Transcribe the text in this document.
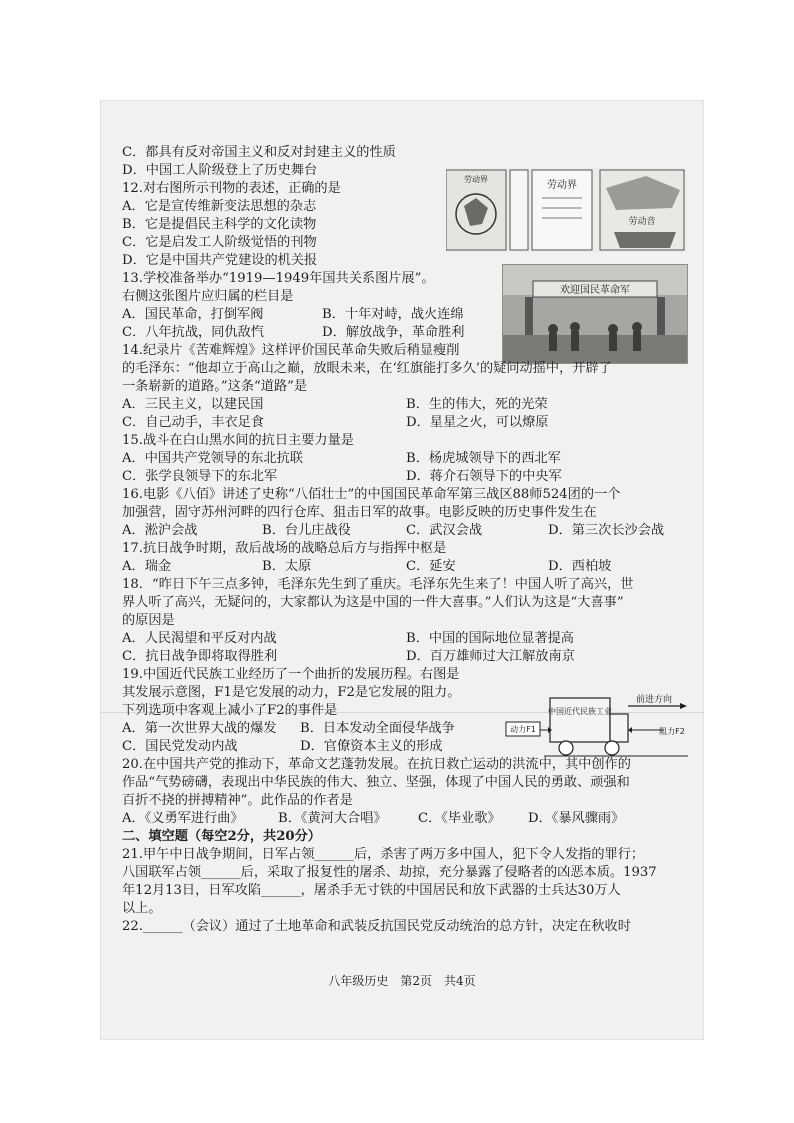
C．都具有反对帝国主义和反对封建主义的性质
D．中国工人阶级登上了历史舞台
12.对右图所示刊物的表述，正确的是
A．它是宣传维新变法思想的杂志
B．它是提倡民主科学的文化读物
C．它是启发工人阶级觉悟的刊物
D．它是中国共产党建设的机关报
劳动界
劳动界
劳动音
13.学校准备举办“1919—1949年国共关系图片展”。
右侧这张图片应归属的栏目是
A．国民革命，打倒军阀	B．十年对峙，战火连绵
C．八年抗战，同仇敌忾	D．解放战争，革命胜利
欢迎国民革命军
14.纪录片《苦难辉煌》这样评价国民革命失败后稍显瘦削
的毛泽东：“他却立于高山之巅，放眼未来，在‘红旗能打多久’的疑问动摇中，开辟了
一条崭新的道路。”这条“道路”是
A．三民主义，以建民国	B．生的伟大，死的光荣
C．自己动手，丰衣足食	D．星星之火，可以燎原
15.战斗在白山黑水间的抗日主要力量是
A．中国共产党领导的东北抗联	B．杨虎城领导下的西北军
C．张学良领导下的东北军	D．蒋介石领导下的中央军
16.电影《八佰》讲述了史称“八佰壮士”的中国国民革命军第三战区88师524团的一个
加强营，固守苏州河畔的四行仓库、狙击日军的故事。电影反映的历史事件发生在
A．淞沪会战	B．台儿庄战役	C．武汉会战	D．第三次长沙会战
17.抗日战争时期，敌后战场的战略总后方与指挥中枢是
A．瑞金	B．太原	C．延安	D．西柏坡
18．“昨日下午三点多钟，毛泽东先生到了重庆。毛泽东先生来了！中国人听了高兴，世
界人听了高兴，无疑问的，大家都认为这是中国的一件大喜事。”人们认为这是“大喜事”
的原因是
A．人民渴望和平反对内战	B．中国的国际地位显著提高
C．抗日战争即将取得胜利	D．百万雄师过大江解放南京
19.中国近代民族工业经历了一个曲折的发展历程。右图是
其发展示意图，F1是它发展的动力，F2是它发展的阻力。
下列选项中客观上减小了F2的事件是
A．第一次世界大战的爆发 B．日本发动全面侵华战争
C．国民党发动内战	D．官僚资本主义的形成
前进方向
中国近代民族工业
动力F1	阻力F2
20.在中国共产党的推动下，革命文艺蓬勃发展。在抗日救亡运动的洪流中，其中创作的
作品“气势磅礴，表现出中华民族的伟大、独立、坚强，体现了中国人民的勇敢、顽强和
百折不挠的拼搏精神”。此作品的作者是
A．《义勇军进行曲》	B．《黄河大合唱》 C．《毕业歌》 D．《暴风骤雨》
二、填空题（每空2分，共20分）
21.甲午中日战争期间，日军占领______后，杀害了两万多中国人，犯下令人发指的罪行；
八国联军占领______后，采取了报复性的屠杀、劫掠，充分暴露了侵略者的凶恶本质。1937
年12月13日，日军攻陷______，屠杀手无寸铁的中国居民和放下武器的士兵达30万人
以上。
22.______（会议）通过了土地革命和武装反抗国民党反动统治的总方针，决定在秋收时
八年级历史　第2页　共4页
